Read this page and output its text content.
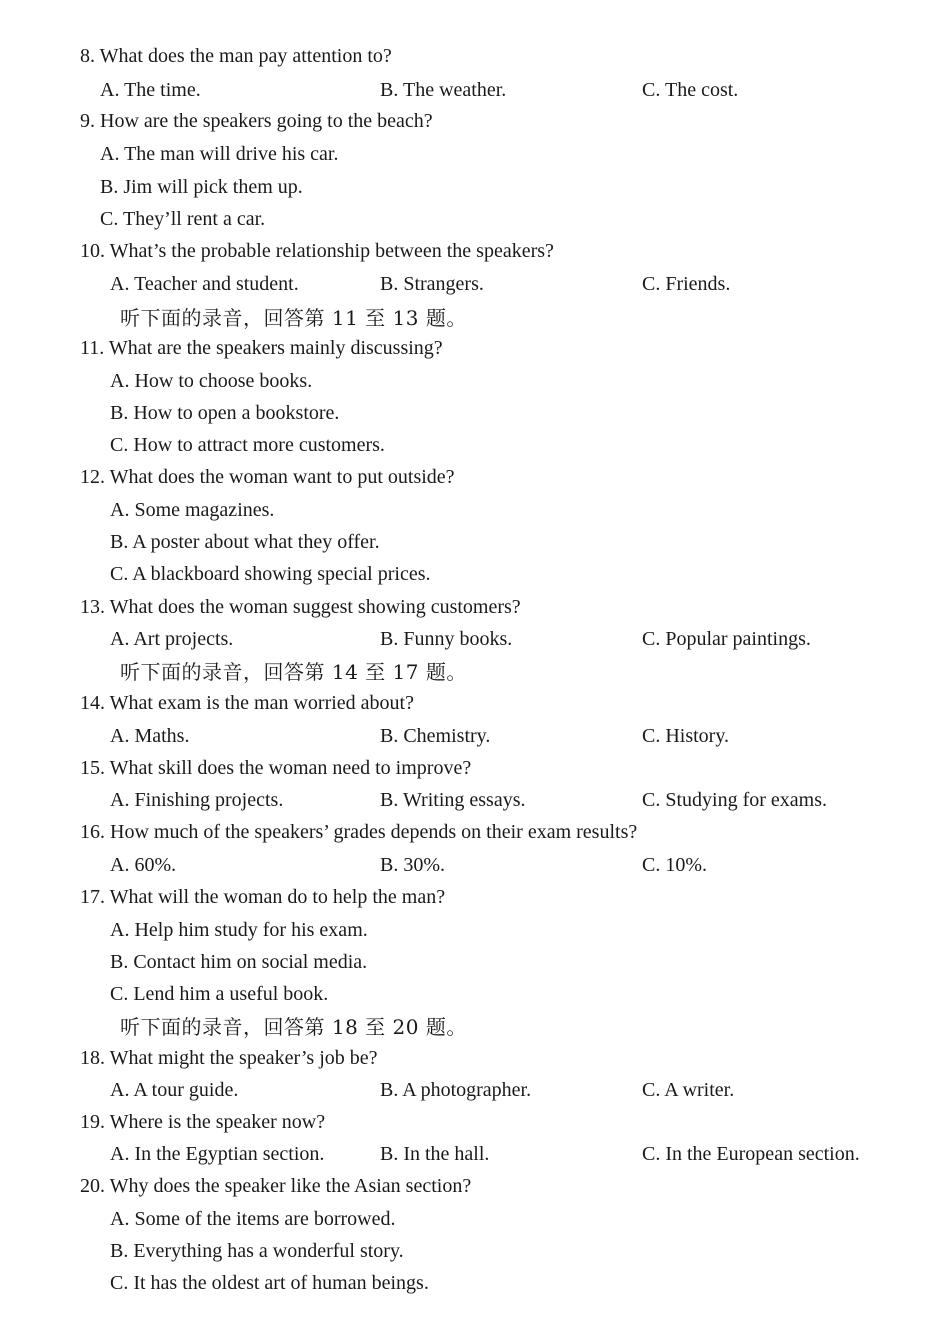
8. What does the man pay attention to?
A. The time.	B. The weather.	C. The cost.
9. How are the speakers going to the beach?
A. The man will drive his car.
B. Jim will pick them up.
C. They’ll rent a car.
10. What’s the probable relationship between the speakers?
A. Teacher and student.	B. Strangers.	C. Friends.
听下面的录音，回答第 11 至 13 题。
11. What are the speakers mainly discussing?
A. How to choose books.
B. How to open a bookstore.
C. How to attract more customers.
12. What does the woman want to put outside?
A. Some magazines.
B. A poster about what they offer.
C. A blackboard showing special prices.
13. What does the woman suggest showing customers?
A. Art projects.	B. Funny books.	C. Popular paintings.
听下面的录音，回答第 14 至 17 题。
14. What exam is the man worried about?
A. Maths.	B. Chemistry.	C. History.
15. What skill does the woman need to improve?
A. Finishing projects.	B. Writing essays.	C. Studying for exams.
16. How much of the speakers’ grades depends on their exam results?
A. 60%.	B. 30%.	C. 10%.
17. What will the woman do to help the man?
A. Help him study for his exam.
B. Contact him on social media.
C. Lend him a useful book.
听下面的录音，回答第 18 至 20 题。
18. What might the speaker’s job be?
A. A tour guide.	B. A photographer.	C. A writer.
19. Where is the speaker now?
A. In the Egyptian section.	B. In the hall.	C. In the European section.
20. Why does the speaker like the Asian section?
A. Some of the items are borrowed.
B. Everything has a wonderful story.
C. It has the oldest art of human beings.
